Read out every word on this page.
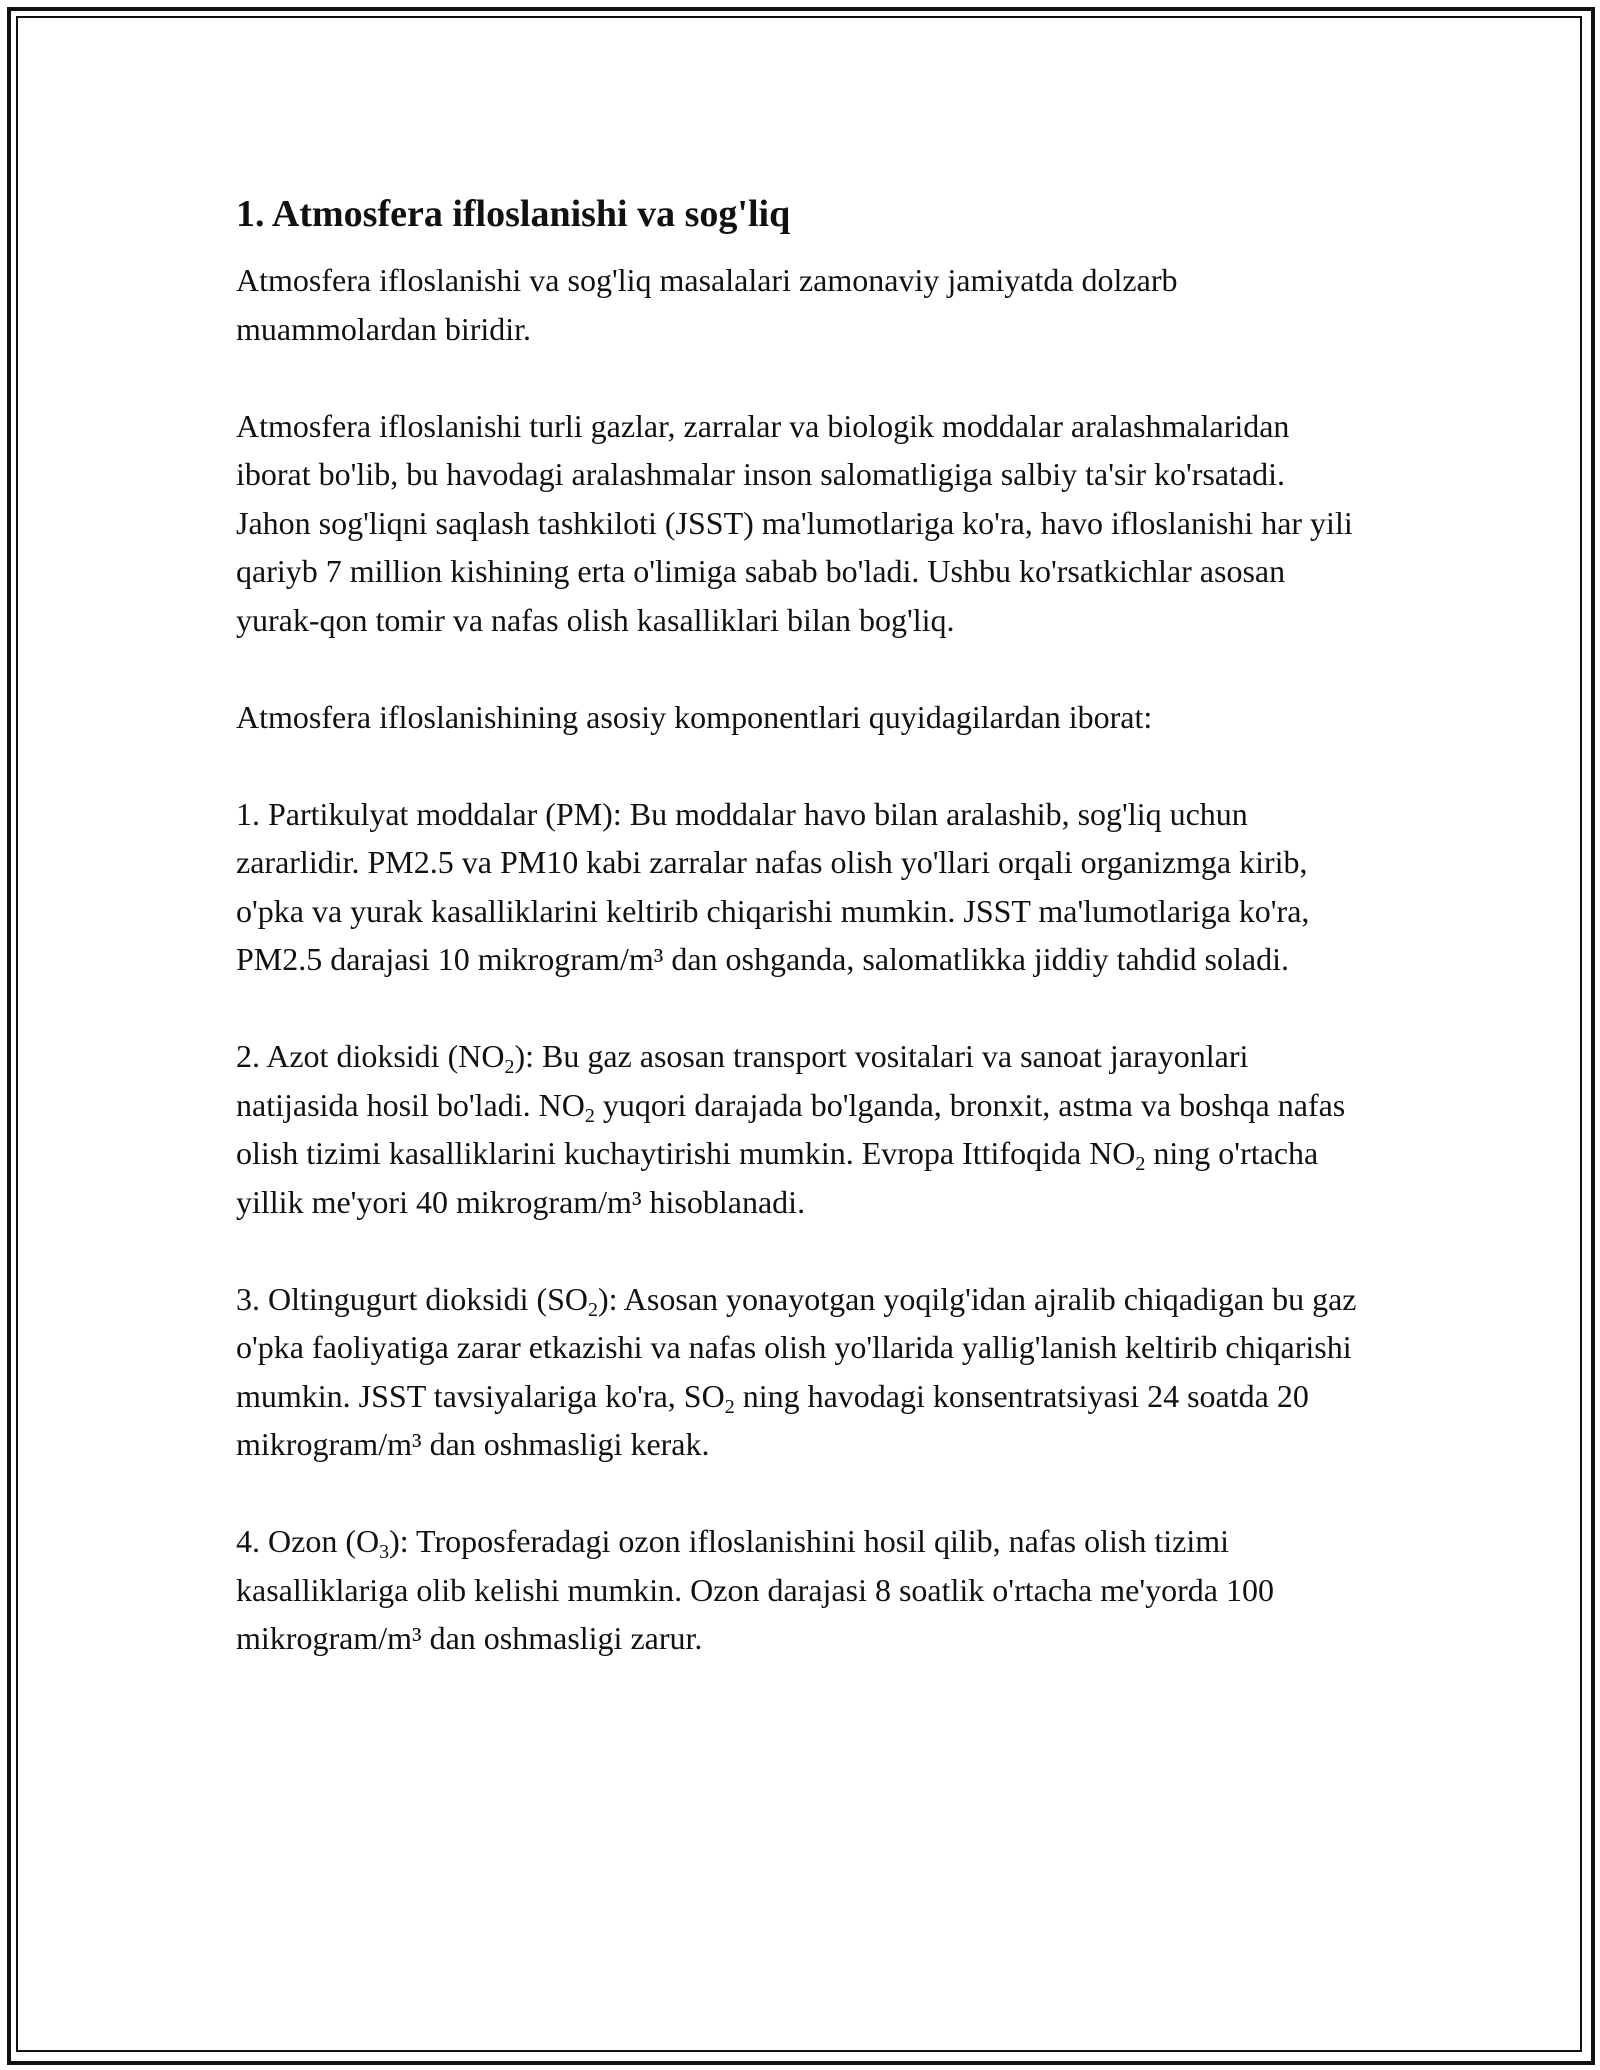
1. Atmosfera ifloslanishi va sog'liq

Atmosfera ifloslanishi va sog'liq masalalari zamonaviy jamiyatda dolzarb muammolardan biridir.

Atmosfera ifloslanishi turli gazlar, zarralar va biologik moddalar aralashmalaridan iborat bo'lib, bu havodagi aralashmalar inson salomatligiga salbiy ta'sir ko'rsatadi. Jahon sog'liqni saqlash tashkiloti (JSST) ma'lumotlariga ko'ra, havo ifloslanishi har yili qariyb 7 million kishining erta o'limiga sabab bo'ladi. Ushbu ko'rsatkichlar asosan yurak-qon tomir va nafas olish kasalliklari bilan bog'liq.

Atmosfera ifloslanishining asosiy komponentlari quyidagilardan iborat:

1. Partikulyat moddalar (PM): Bu moddalar havo bilan aralashib, sog'liq uchun zararlidir. PM2.5 va PM10 kabi zarralar nafas olish yo'llari orqali organizmga kirib, o'pka va yurak kasalliklarini keltirib chiqarishi mumkin. JSST ma'lumotlariga ko'ra, PM2.5 darajasi 10 mikrogram/m³ dan oshganda, salomatlikka jiddiy tahdid soladi.

2. Azot dioksidi $(NO_2)$: Bu gaz asosan transport vositalari va sanoat jarayonlari natijasida hosil bo'ladi. $NO_2$ yuqori darajada bo'lganda, bronxit, astma va boshqa nafas olish tizimi kasalliklarini kuchaytirishi mumkin. Evropa Ittifoqida $NO_2$ ning o'rtacha yillik me'yori 40 mikrogram/m³ hisoblanadi.

3. Oltingugurt dioksidi $(SO_2)$: Asosan yonayotgan yoqilg'idan ajralib chiqadigan bu gaz o'pka faoliyatiga zarar etkazishi va nafas olish yo'llarida yallig'lanish keltirib chiqarishi mumkin. JSST tavsiyalariga ko'ra, $SO_2$ ning havodagi konsentratsiyasi 24 soatda 20 mikrogram/m³ dan oshmasligi kerak.

4. Ozon $(O_3)$: Troposferadagi ozon ifloslanishini hosil qilib, nafas olish tizimi kasalliklariga olib kelishi mumkin. Ozon darajasi 8 soatlik o'rtacha me'yorda 100 mikrogram/m³ dan oshmasligi zarur.
